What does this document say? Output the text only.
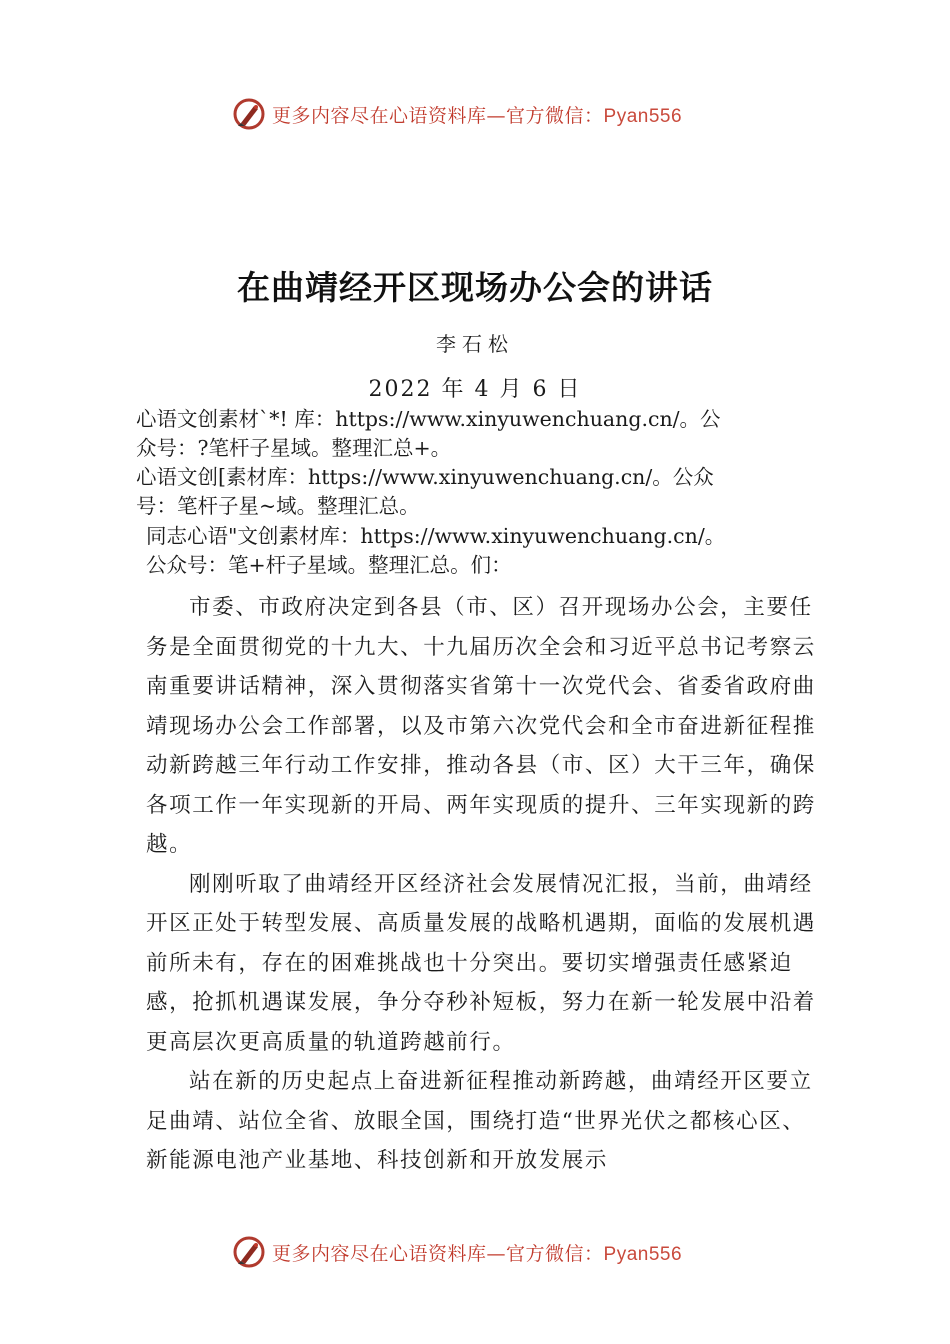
更多内容尽在心语资料库—官方微信：Pyan556
在曲靖经开区现场办公会的讲话
李石松
2022 年 4 月 6 日
心语文创素材`*! 库：https://www.xinyuwenchuang.cn/。公
众号：?笔杆子星域。整理汇总+。
心语文创[素材库：https://www.xinyuwenchuang.cn/。公众
号：笔杆子星~域。整理汇总。
同志心语"文创素材库：https://www.xinyuwenchuang.cn/。
公众号：笔+杆子星域。整理汇总。们：

市委、市政府决定到各县（市、区）召开现场办公会，主要任务是全面贯彻党的十九大、十九届历次全会和习近平总书记考察云南重要讲话精神，深入贯彻落实省第十一次党代会、省委省政府曲靖现场办公会工作部署，以及市第六次党代会和全市奋进新征程推动新跨越三年行动工作安排，推动各县（市、区）大干三年，确保各项工作一年实现新的开局、两年实现质的提升、三年实现新的跨越。

刚刚听取了曲靖经开区经济社会发展情况汇报，当前，曲靖经开区正处于转型发展、高质量发展的战略机遇期，面临的发展机遇前所未有，存在的困难挑战也十分突出。要切实增强责任感紧迫感，抢抓机遇谋发展，争分夺秒补短板，努力在新一轮发展中沿着更高层次更高质量的轨道跨越前行。

站在新的历史起点上奋进新征程推动新跨越，曲靖经开区要立足曲靖、站位全省、放眼全国，围绕打造“世界光伏之都核心区、新能源电池产业基地、科技创新和开放发展示

更多内容尽在心语资料库—官方微信：Pyan556
